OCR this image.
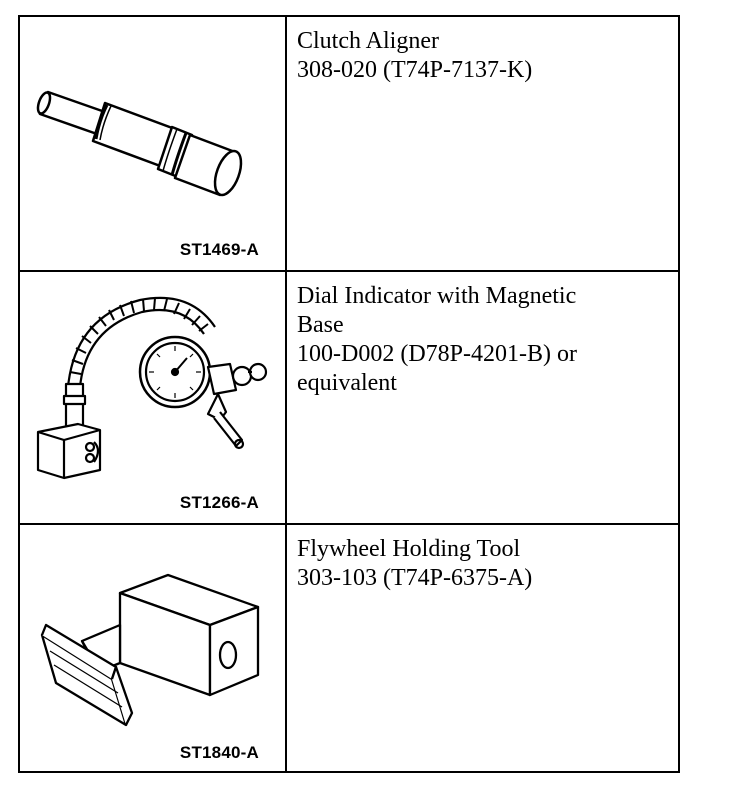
ST1469-A
Clutch Aligner
308-020 (T74P-7137-K)
ST1266-A
Dial Indicator with Magnetic
Base
100-D002 (D78P-4201-B) or
equivalent
ST1840-A
Flywheel Holding Tool
303-103 (T74P-6375-A)
